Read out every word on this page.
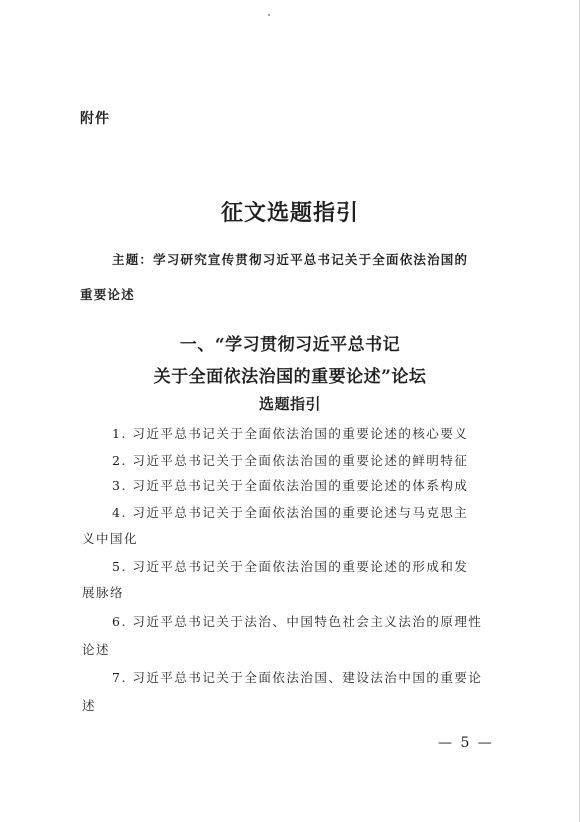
附件
征文选题指引
主题：学习研究宣传贯彻习近平总书记关于全面依法治国的
重要论述
一、“学习贯彻习近平总书记
关于全面依法治国的重要论述”论坛
选题指引
1. 习近平总书记关于全面依法治国的重要论述的核心要义
2. 习近平总书记关于全面依法治国的重要论述的鲜明特征
3. 习近平总书记关于全面依法治国的重要论述的体系构成
4. 习近平总书记关于全面依法治国的重要论述与马克思主
义中国化
5. 习近平总书记关于全面依法治国的重要论述的形成和发
展脉络
6. 习近平总书记关于法治、中国特色社会主义法治的原理性
论述
7. 习近平总书记关于全面依法治国、建设法治中国的重要论
述
— 5 —
